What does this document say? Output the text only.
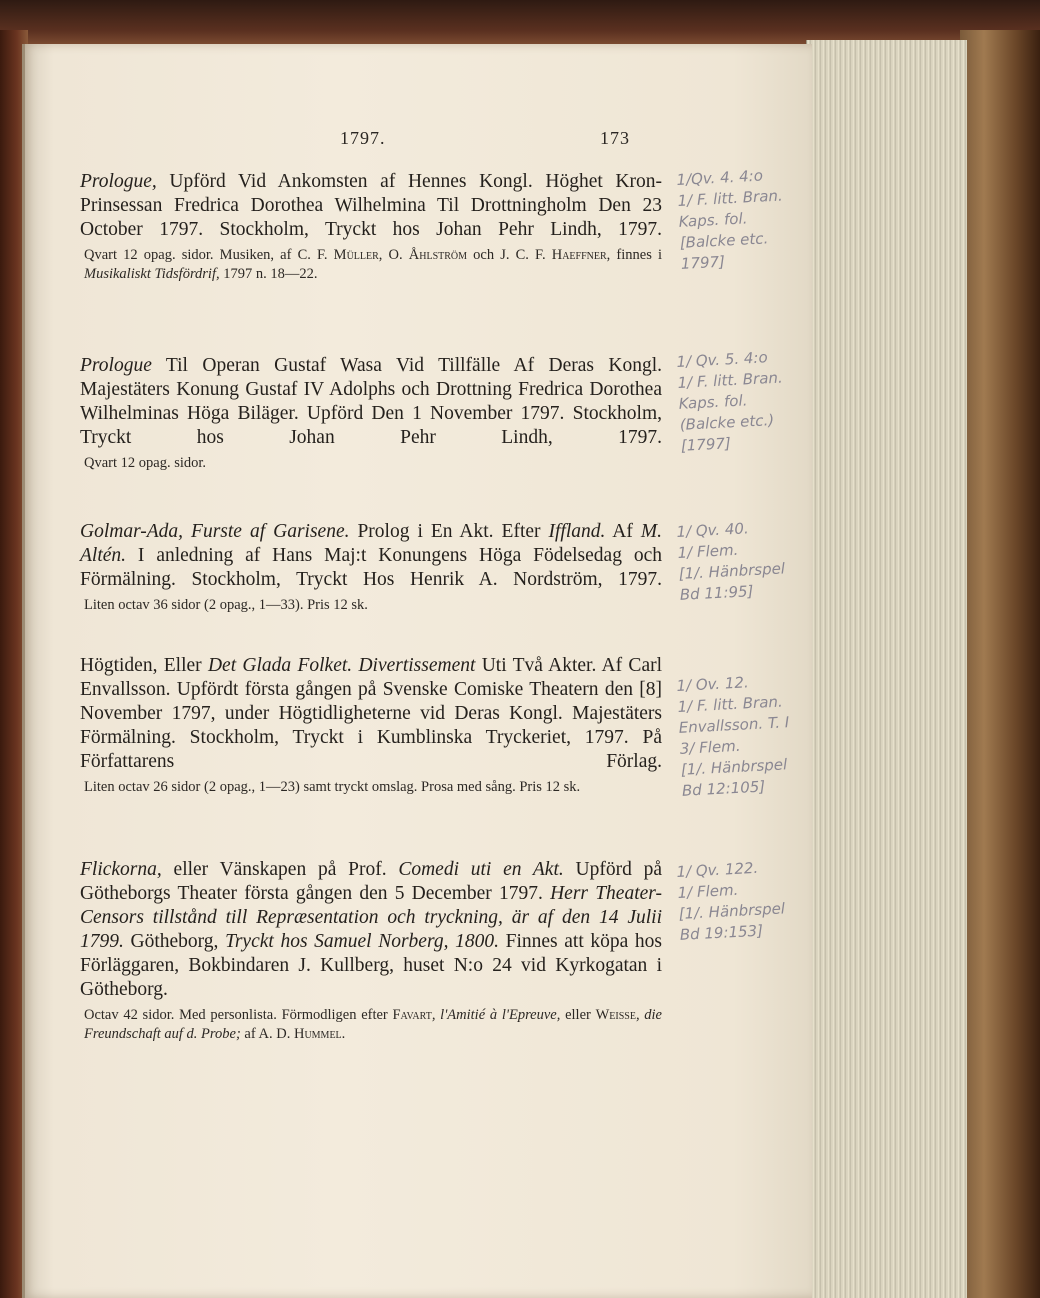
1797.	173

Prologue, Upförd Vid Ankomsten af Hennes Kongl. Höghet Kron-Prinsessan Fredrica Dorothea Wilhelmina Til Drottningholm Den 23 October 1797. Stockholm, Tryckt hos Johan Pehr Lindh, 1797.

Qvart 12 opag. sidor. Musiken, af C. F. Müller, O. Åhlström och J. C. F. Haeffner, finnes i Musikaliskt Tidsfördrif, 1797 n. 18—22.

Prologue Til Operan Gustaf Wasa Vid Tillfälle Af Deras Kongl. Majestäters Konung Gustaf IV Adolphs och Drottning Fredrica Dorothea Wilhelminas Höga Biläger. Upförd Den 1 November 1797. Stockholm, Tryckt hos Johan Pehr Lindh, 1797.

Qvart 12 opag. sidor.

Golmar-Ada, Furste af Garisene. Prolog i En Akt. Efter Iffland. Af M. Altén. I anledning af Hans Maj:t Konungens Höga Födelsedag och Förmälning. Stockholm, Tryckt Hos Henrik A. Nordström, 1797.

Liten octav 36 sidor (2 opag., 1—33). Pris 12 sk.

Högtiden, Eller Det Glada Folket. Divertissement Uti Två Akter. Af Carl Envallsson. Upfördt första gången på Svenske Comiske Theatern den [8] November 1797, under Högtidligheterne vid Deras Kongl. Majestäters Förmälning. Stockholm, Tryckt i Kumblinska Tryckeriet, 1797. På Författarens Förlag.

Liten octav 26 sidor (2 opag., 1—23) samt tryckt omslag. Prosa med sång. Pris 12 sk.

Flickorna, eller Vänskapen på Prof. Comedi uti en Akt. Upförd på Götheborgs Theater första gången den 5 December 1797. Herr Theater-Censors tillstånd till Repræsentation och tryckning, är af den 14 Julii 1799. Götheborg, Tryckt hos Samuel Norberg, 1800. Finnes att köpa hos Förläggaren, Bokbindaren J. Kullberg, huset N:o 24 vid Kyrkogatan i Götheborg.

Octav 42 sidor. Med personlista. Förmodligen efter Favart, l'Amitié à l'Epreuve, eller Weisse, die Freundschaft auf d. Probe; af A. D. Hummel.

1/Qv. 4. 4:o
1/ F. litt. Bran.
Kaps. fol.
[Balcke etc.
1797]
1/ Qv. 5. 4:o
1/ F. litt. Bran.
Kaps. fol.
(Balcke etc.)
[1797]
1/ Qv. 40.
1/ Flem.
[1/. Hänbrspel
Bd 11:95]
1/ Ov. 12.
1/ F. litt. Bran.
Envallsson. T. I
3/ Flem.
[1/. Hänbrspel
Bd 12:105]
1/ Qv. 122.
1/ Flem.
[1/. Hänbrspel
Bd 19:153]
